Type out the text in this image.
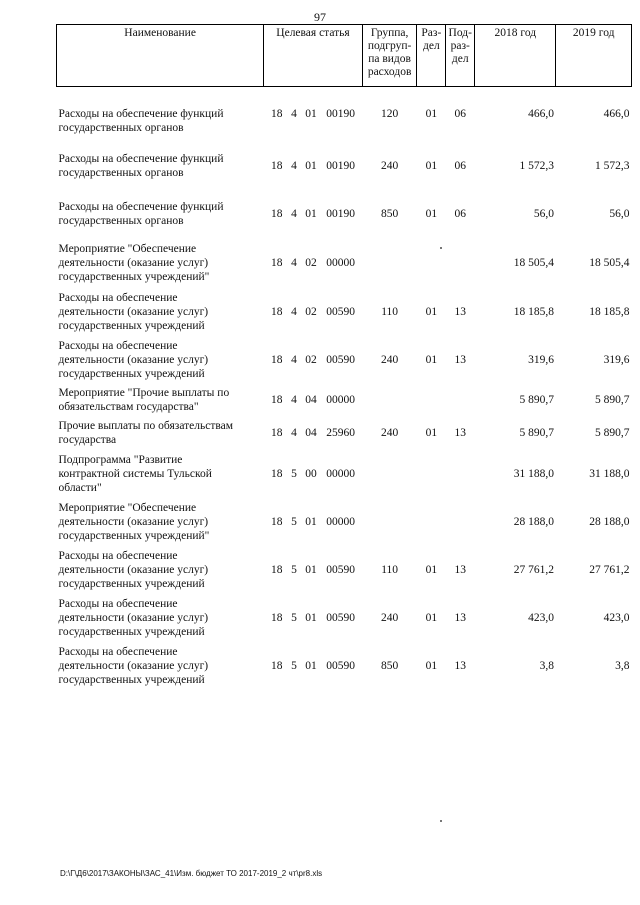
97
Наименование	Целевая статья	Группа,
подгруп-
па видов
расходов	Раз-
дел	Под-
раз-
дел	2018 год	2019 год
Расходы на обеспечение функций
государственных органов	18 4 01 00190	120	01	06	466,0	466,0
Расходы на обеспечение функций
государственных органов	18 4 01 00190	240	01	06	1 572,3	1 572,3
Расходы на обеспечение функций
государственных органов	18 4 01 00190	850	01	06	56,0	56,0
Мероприятие "Обеспечение
деятельности (оказание услуг)
государственных учреждений"	18 4 02 00000				18 505,4	18 505,4
Расходы на обеспечение
деятельности (оказание услуг)
государственных учреждений	18 4 02 00590	110	01	13	18 185,8	18 185,8
Расходы на обеспечение
деятельности (оказание услуг)
государственных учреждений	18 4 02 00590	240	01	13	319,6	319,6
Мероприятие "Прочие выплаты по
обязательствам государства"	18 4 04 00000				5 890,7	5 890,7
Прочие выплаты по обязательствам
государства	18 4 04 25960	240	01	13	5 890,7	5 890,7
Подпрограмма "Развитие
контрактной системы Тульской
области"	18 5 00 00000				31 188,0	31 188,0
Мероприятие "Обеспечение
деятельности (оказание услуг)
государственных учреждений"	18 5 01 00000				28 188,0	28 188,0
Расходы на обеспечение
деятельности (оказание услуг)
государственных учреждений	18 5 01 00590	110	01	13	27 761,2	27 761,2
Расходы на обеспечение
деятельности (оказание услуг)
государственных учреждений	18 5 01 00590	240	01	13	423,0	423,0
Расходы на обеспечение
деятельности (оказание услуг)
государственных учреждений	18 5 01 00590	850	01	13	3,8	3,8
D:\Г\Д6\2017\ЗАКОНЫ\ЗАС_41\Изм. бюджет ТО 2017-2019_2 чт\pr8.xls
